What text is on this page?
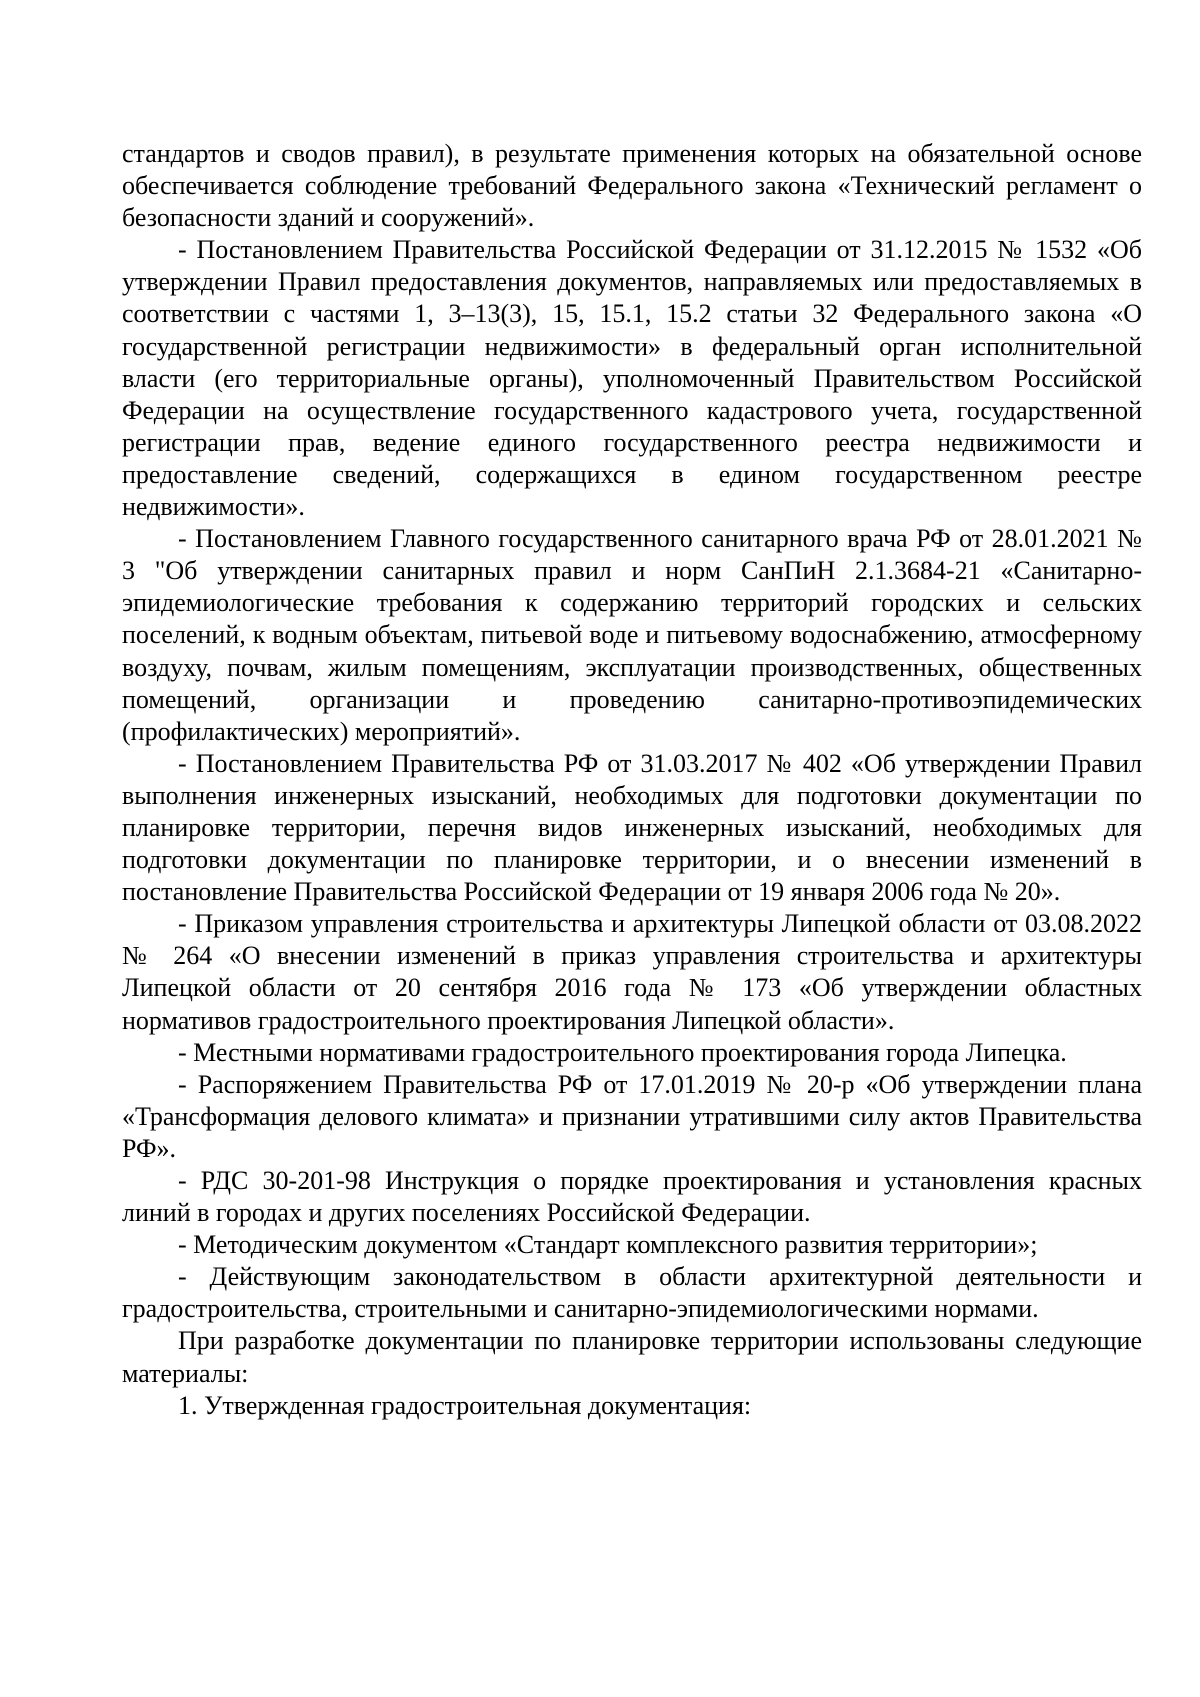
стандартов и сводов правил), в результате применения которых на обязательной основе обеспечивается соблюдение требований Федерального закона «Технический регламент о безопасности зданий и сооружений».

- Постановлением Правительства Российской Федерации от 31.12.2015 № 1532 «Об утверждении Правил предоставления документов, направляемых или предоставляемых в соответствии с частями 1, 3–13(3), 15, 15.1, 15.2 статьи 32 Федерального закона «О государственной регистрации недвижимости» в федеральный орган исполнительной власти (его территориальные органы), уполномоченный Правительством Российской Федерации на осуществление государственного кадастрового учета, государственной регистрации прав, ведение единого государственного реестра недвижимости и предоставление сведений, содержащихся в едином государственном реестре недвижимости».

- Постановлением Главного государственного санитарного врача РФ от 28.01.2021 № 3 "Об утверждении санитарных правил и норм СанПиН 2.1.3684-21 «Санитарно-эпидемиологические требования к содержанию территорий городских и сельских поселений, к водным объектам, питьевой воде и питьевому водоснабжению, атмосферному воздуху, почвам, жилым помещениям, эксплуатации производственных, общественных помещений, организации и проведению санитарно-противоэпидемических (профилактических) мероприятий».

- Постановлением Правительства РФ от 31.03.2017 № 402 «Об утверждении Правил выполнения инженерных изысканий, необходимых для подготовки документации по планировке территории, перечня видов инженерных изысканий, необходимых для подготовки документации по планировке территории, и о внесении изменений в постановление Правительства Российской Федерации от 19 января 2006 года № 20».

- Приказом управления строительства и архитектуры Липецкой области от 03.08.2022 № 264 «О внесении изменений в приказ управления строительства и архитектуры Липецкой области от 20 сентября 2016 года № 173 «Об утверждении областных нормативов градостроительного проектирования Липецкой области».

- Местными нормативами градостроительного проектирования города Липецка.

- Распоряжением Правительства РФ от 17.01.2019 № 20-р «Об утверждении плана «Трансформация делового климата» и признании утратившими силу актов Правительства РФ».

- РДС 30-201-98 Инструкция о порядке проектирования и установления красных линий в городах и других поселениях Российской Федерации.

- Методическим документом «Стандарт комплексного развития территории»;

- Действующим законодательством в области архитектурной деятельности и градостроительства, строительными и санитарно-эпидемиологическими нормами.

При разработке документации по планировке территории использованы следующие материалы:

1. Утвержденная градостроительная документация:
